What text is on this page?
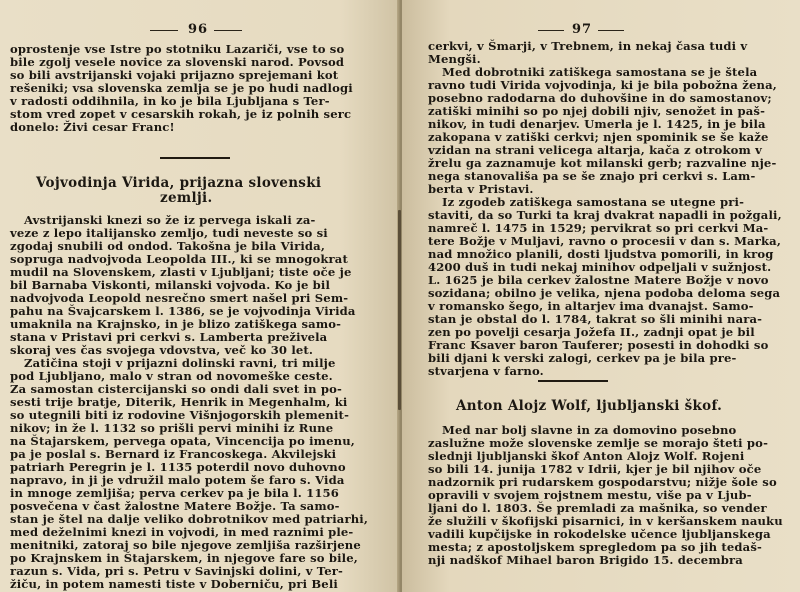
96
oprostenje vse Istre po stotniku Lazariči, vse to so
bile zgolj vesele novice za slovenski narod. Povsod
so bili avstrijanski vojaki prijazno sprejemani kot
rešeniki; vsa slovenska zemlja se je po hudi nadlogi
v radosti oddihnila, in ko je bila Ljubljana s Ter-
stom vred zopet v cesarskih rokah, je iz polnih serc
donelo: Živi cesar Franc!
Vojvodinja Virida, prijazna slovenski
zemlji.
Avstrijanski knezi so že iz pervega iskali za-
veze z lepo italijansko zemljo, tudi neveste so si
zgodaj snubili od ondod. Takošna je bila Virida,
sopruga nadvojvoda Leopolda III., ki se mnogokrat
mudil na Slovenskem, zlasti v Ljubljani; tiste oče je
bil Barnaba Viskonti, milanski vojvoda. Ko je bil
nadvojvoda Leopold nesrečno smert našel pri Sem-
pahu na Švajcarskem l. 1386, se je vojvodinja Virida
umaknila na Krajnsko, in je blizo zatiškega samo-
stana v Pristavi pri cerkvi s. Lamberta preživela
skoraj ves čas svojega vdovstva, več ko 30 let.
Zatičina stoji v prijazni dolinski ravni, tri milje
pod Ljubljano, malo v stran od novomeške ceste.
Za samostan cistercijanski so ondi dali svet in po-
sesti trije bratje, Diterik, Henrik in Megenhalm, ki
so utegnili biti iz rodovine Višnjogorskih plemenit-
nikov; in že l. 1132 so prišli pervi minihi iz Rune
na Štajarskem, pervega opata, Vincencija po imenu,
pa je poslal s. Bernard iz Francoskega. Akvilejski
patriarh Peregrin je l. 1135 poterdil novo duhovno
napravo, in ji je vdružil malo potem še faro s. Vida
in mnoge zemljiša; perva cerkev pa je bila l. 1156
posvečena v čast žalostne Matere Božje. Ta samo-
stan je štel na dalje veliko dobrotnikov med patriarhi,
med deželnimi knezi in vojvodi, in med raznimi ple-
menitniki, zatoraj so bile njegove zemljiša razširjene
po Krajnskem in Štajarskem, in njegove fare so bile,
razun s. Vida, pri s. Petru v Savinjski dolini, v Ter-
žiču, in potem namesti tiste v Doberniču, pri Beli
97
cerkvi, v Šmarji, v Trebnem, in nekaj časa tudi v
Mengši.
Med dobrotniki zatiškega samostana se je štela
ravno tudi Virida vojvodinja, ki je bila pobožna žena,
posebno radodarna do duhovšine in do samostanov;
zatiški minihi so po njej dobili njiv, senožet in paš-
nikov, in tudi denarjev. Umerla je l. 1425, in je bila
zakopana v zatiški cerkvi; njen spominik se še kaže
vzidan na strani velicega altarja, kača z otrokom v
žrelu ga zaznamuje kot milanski gerb; razvaline nje-
nega stanovališa pa se še znajo pri cerkvi s. Lam-
berta v Pristavi.
Iz zgodeb zatiškega samostana se utegne pri-
staviti, da so Turki ta kraj dvakrat napadli in požgali,
namreč l. 1475 in 1529; pervikrat so pri cerkvi Ma-
tere Božje v Muljavi, ravno o procesii v dan s. Marka,
nad množico planili, dosti ljudstva pomorili, in krog
4200 duš in tudi nekaj minihov odpeljali v sužnjost.
L. 1625 je bila cerkev žalostne Matere Božje v novo
sozidana; obilno je velika, njena podoba deloma sega
v romansko šego, in altarjev ima dvanajst. Samo-
stan je obstal do l. 1784, takrat so šli minihi nara-
zen po povelji cesarja Jožefa II., zadnji opat je bil
Franc Ksaver baron Tauferer; posesti in dohodki so
bili djani k verski zalogi, cerkev pa je bila pre-
stvarjena v farno.
Anton Alojz Wolf, ljubljanski škof.
Med nar bolj slavne in za domovino posebno
zaslužne može slovenske zemlje se morajo šteti po-
slednji ljubljanski škof Anton Alojz Wolf. Rojeni
so bili 14. junija 1782 v Idrii, kjer je bil njihov oče
nadzornik pri rudarskem gospodarstvu; nižje šole so
opravili v svojem rojstnem mestu, više pa v Ljub-
ljani do l. 1803. Še premladi za mašnika, so vender
že služili v škofijski pisarnici, in v keršanskem nauku
vadili kupčijske in rokodelske učence ljubljanskega
mesta; z apostoljskem spregledom pa so jih tedaš-
nji nadškof Mihael baron Brigido 15. decembra
